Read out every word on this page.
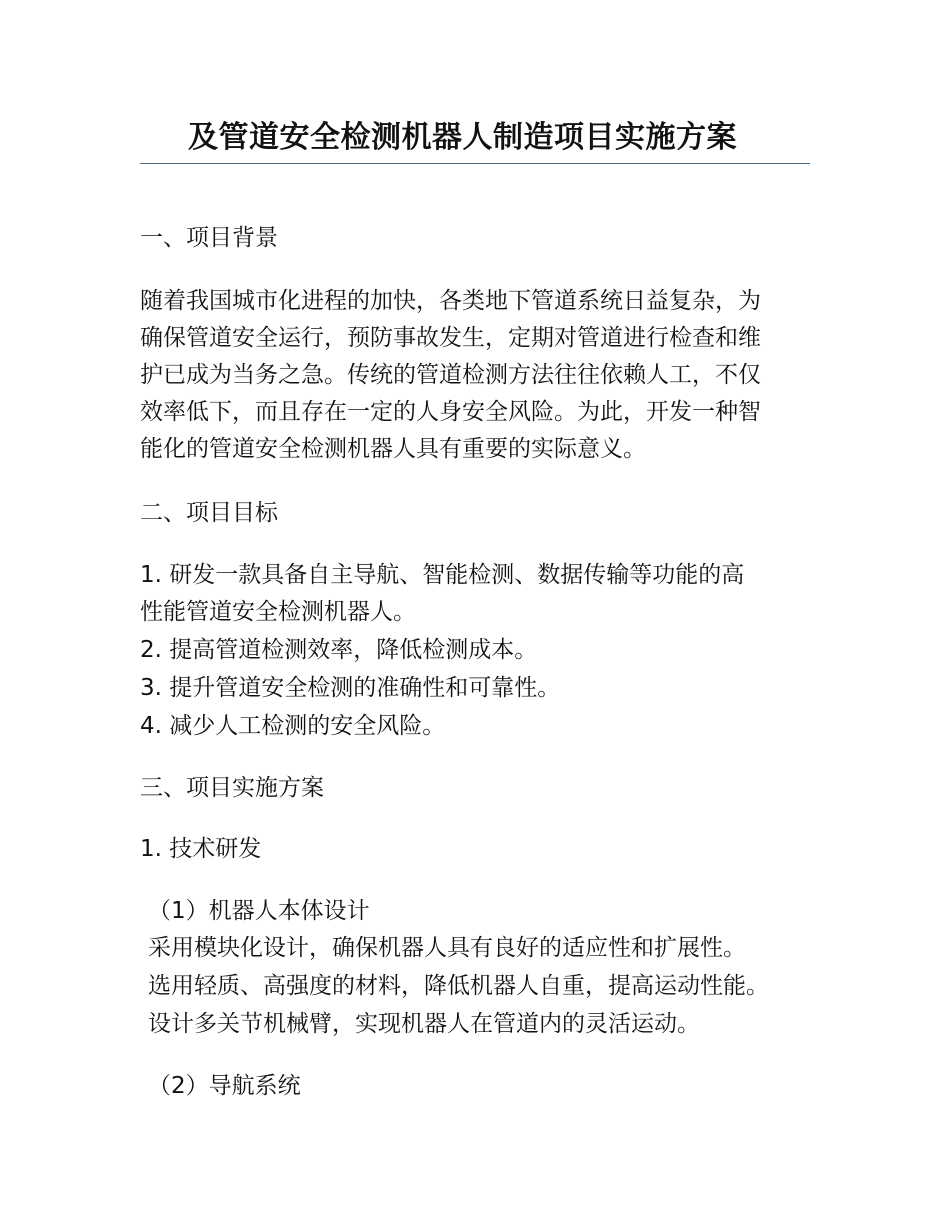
及管道安全检测机器人制造项目实施方案

一、项目背景

随着我国城市化进程的加快，各类地下管道系统日益复杂，为

确保管道安全运行，预防事故发生，定期对管道进行检查和维

护已成为当务之急。传统的管道检测方法往往依赖人工，不仅

效率低下，而且存在一定的人身安全风险。为此，开发一种智

能化的管道安全检测机器人具有重要的实际意义。

二、项目目标

1. 研发一款具备自主导航、智能检测、数据传输等功能的高

性能管道安全检测机器人。

2. 提高管道检测效率，降低检测成本。

3. 提升管道安全检测的准确性和可靠性。

4. 减少人工检测的安全风险。

三、项目实施方案

1. 技术研发

（1）机器人本体设计

采用模块化设计，确保机器人具有良好的适应性和扩展性。

选用轻质、高强度的材料，降低机器人自重，提高运动性能。

设计多关节机械臂，实现机器人在管道内的灵活运动。

（2）导航系统
